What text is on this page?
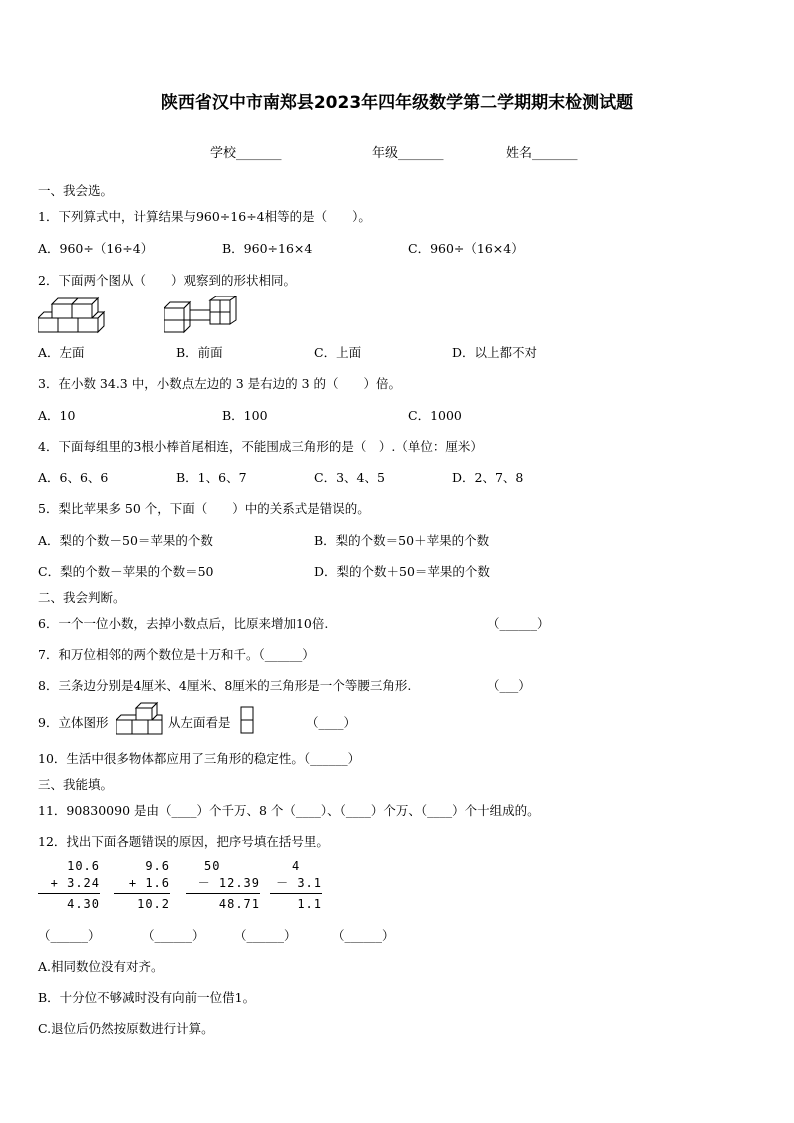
陕西省汉中市南郑县2023年四年级数学第二学期期末检测试题
学校_______	年级_______	姓名_______
一、我会选。
1．下列算式中，计算结果与960÷16÷4相等的是（　　）。
A．960÷（16÷4）	B．960÷16×4	C．960÷（16×4）
2．下面两个图从（　　）观察到的形状相同。
A．左面	B．前面	C．上面	D．以上都不对
3．在小数 34.3 中，小数点左边的 3 是右边的 3 的（　　）倍。
A．10	B．100	C．1000
4．下面每组里的3根小棒首尾相连，不能围成三角形的是（　）.（单位：厘米）
A．6、6、6	B．1、6、7	C．3、4、5	D．2、7、8
5．梨比苹果多 50 个，下面（　　）中的关系式是错误的。
A．梨的个数－50＝苹果的个数	B．梨的个数＝50＋苹果的个数
C．梨的个数－苹果的个数＝50	D．梨的个数＋50＝苹果的个数
二、我会判断。
6．一个一位小数，去掉小数点后，比原来增加10倍.	（______）
7．和万位相邻的两个数位是十万和千。（______）
8．三条边分别是4厘米、4厘米、8厘米的三角形是一个等腰三角形.	（___）
9．立体图形	从左面看是	（____）
10．生活中很多物体都应用了三角形的稳定性。（______）
三、我能填。
11．90830090 是由（____）个千万、8 个（____）、（____）个万、（____）个十组成的。
12．找出下面各题错误的原因，把序号填在括号里。
10.6
+ 3.24
4.30
9.6
+ 1.6
10.2
50
－ 12.39
48.71
4
－ 3.1
1.1
（______）	（______） （______）	（______）
A.相同数位没有对齐。
B．十分位不够减时没有向前一位借1。
C.退位后仍然按原数进行计算。
